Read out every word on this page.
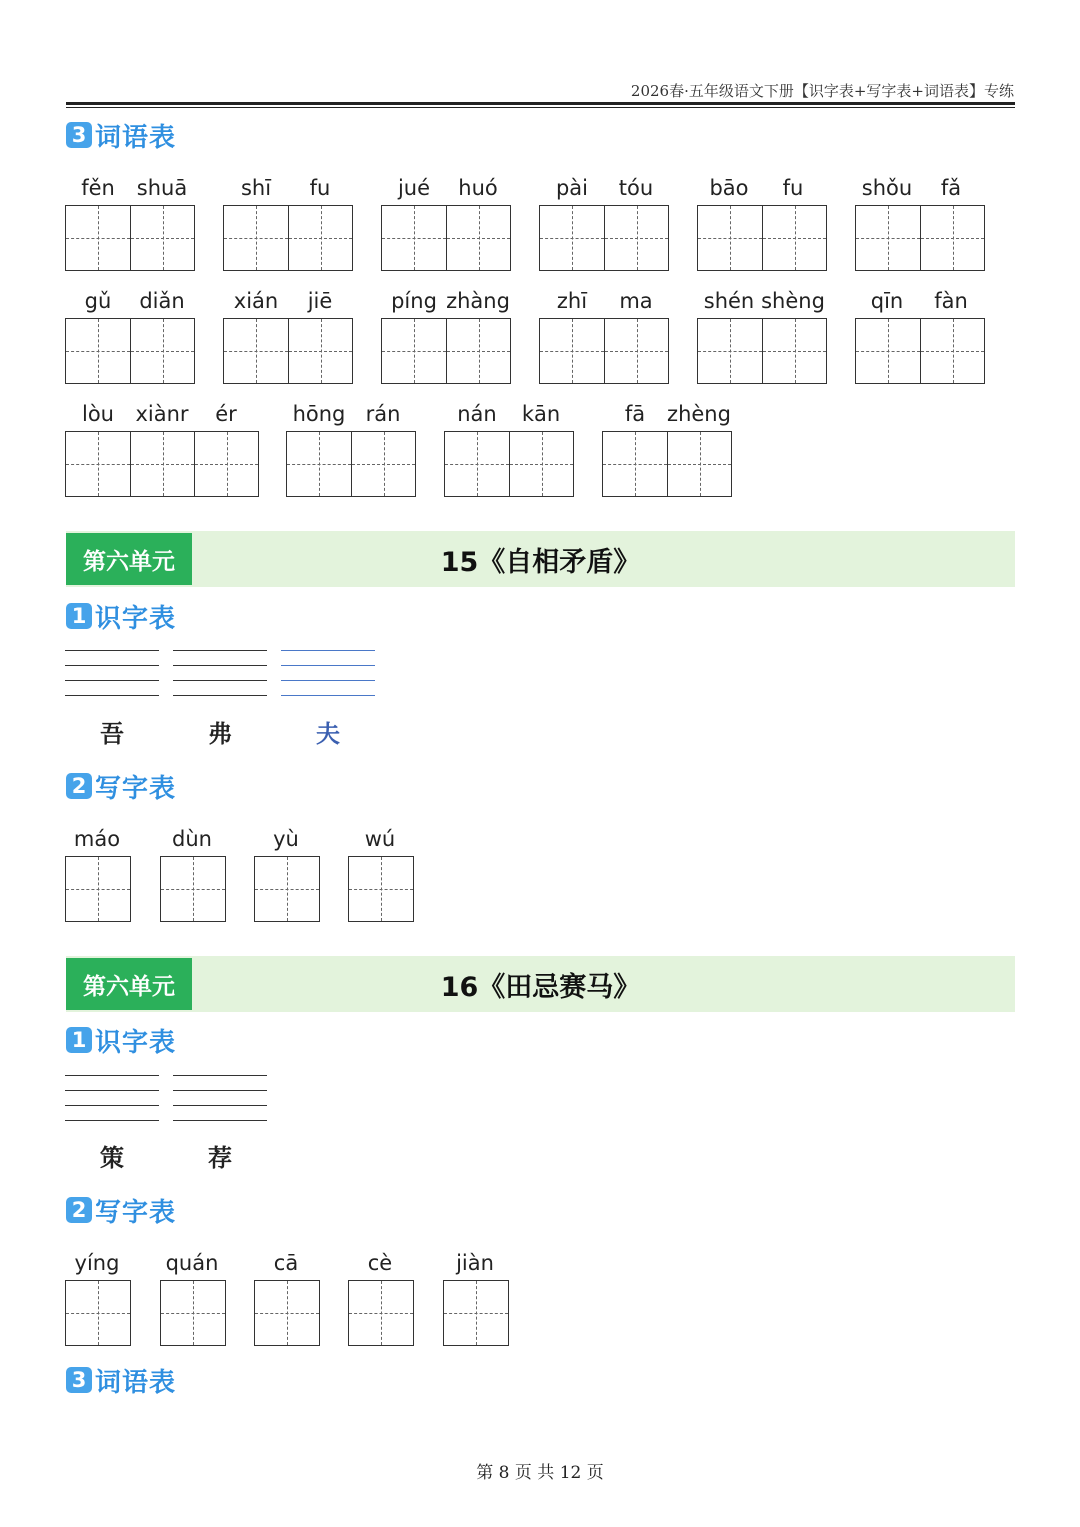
2026春·五年级语文下册【识字表+写字表+词语表】专练
3 词语表
fěn	shuā	shī	fu	jué	huó	pài	tóu	bāo	fu	shǒu	fǎ
gǔ	diǎn	xián	jiē	píng zhàng	zhī	ma	shén shèng	qīn	fàn
lòu	xiànr	ér	hōng rán	nán	kān	fā	zhèng
15《自相矛盾》
第六单元
1 识字表
吾	弗	夫
2 写字表
máo	dùn	yù	wú
16《田忌赛马》
第六单元
1 识字表
策	荐
2 写字表
yíng	quán	cā	cè	jiàn
3 词语表
第 8 页 共 12 页
